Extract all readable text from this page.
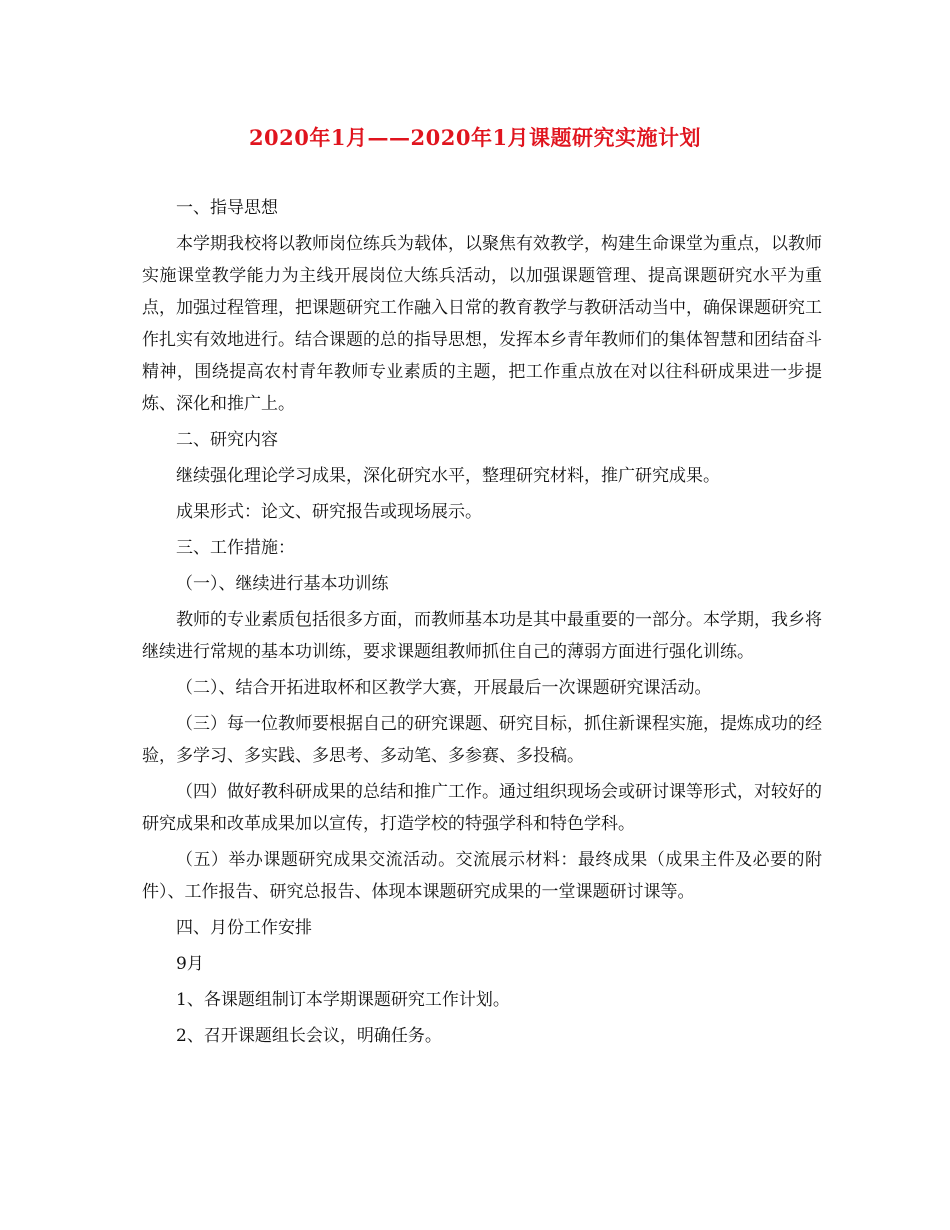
2020年1月——2020年1月课题研究实施计划

一、指导思想

本学期我校将以教师岗位练兵为载体，以聚焦有效教学，构建生命课堂为重点，以教师实施课堂教学能力为主线开展岗位大练兵活动，以加强课题管理、提高课题研究水平为重点，加强过程管理，把课题研究工作融入日常的教育教学与教研活动当中，确保课题研究工作扎实有效地进行。结合课题的总的指导思想，发挥本乡青年教师们的集体智慧和团结奋斗精神，围绕提高农村青年教师专业素质的主题，把工作重点放在对以往科研成果进一步提炼、深化和推广上。

二、研究内容

继续强化理论学习成果，深化研究水平，整理研究材料，推广研究成果。

成果形式：论文、研究报告或现场展示。

三、工作措施：

（一）、继续进行基本功训练

教师的专业素质包括很多方面，而教师基本功是其中最重要的一部分。本学期，我乡将继续进行常规的基本功训练，要求课题组教师抓住自己的薄弱方面进行强化训练。

（二）、结合开拓进取杯和区教学大赛，开展最后一次课题研究课活动。

（三）每一位教师要根据自己的研究课题、研究目标，抓住新课程实施，提炼成功的经验，多学习、多实践、多思考、多动笔、多参赛、多投稿。

（四）做好教科研成果的总结和推广工作。通过组织现场会或研讨课等形式，对较好的研究成果和改革成果加以宣传，打造学校的特强学科和特色学科。

（五）举办课题研究成果交流活动。交流展示材料：最终成果（成果主件及必要的附件）、工作报告、研究总报告、体现本课题研究成果的一堂课题研讨课等。

四、月份工作安排

9月

1、各课题组制订本学期课题研究工作计划。

2、召开课题组长会议，明确任务。
